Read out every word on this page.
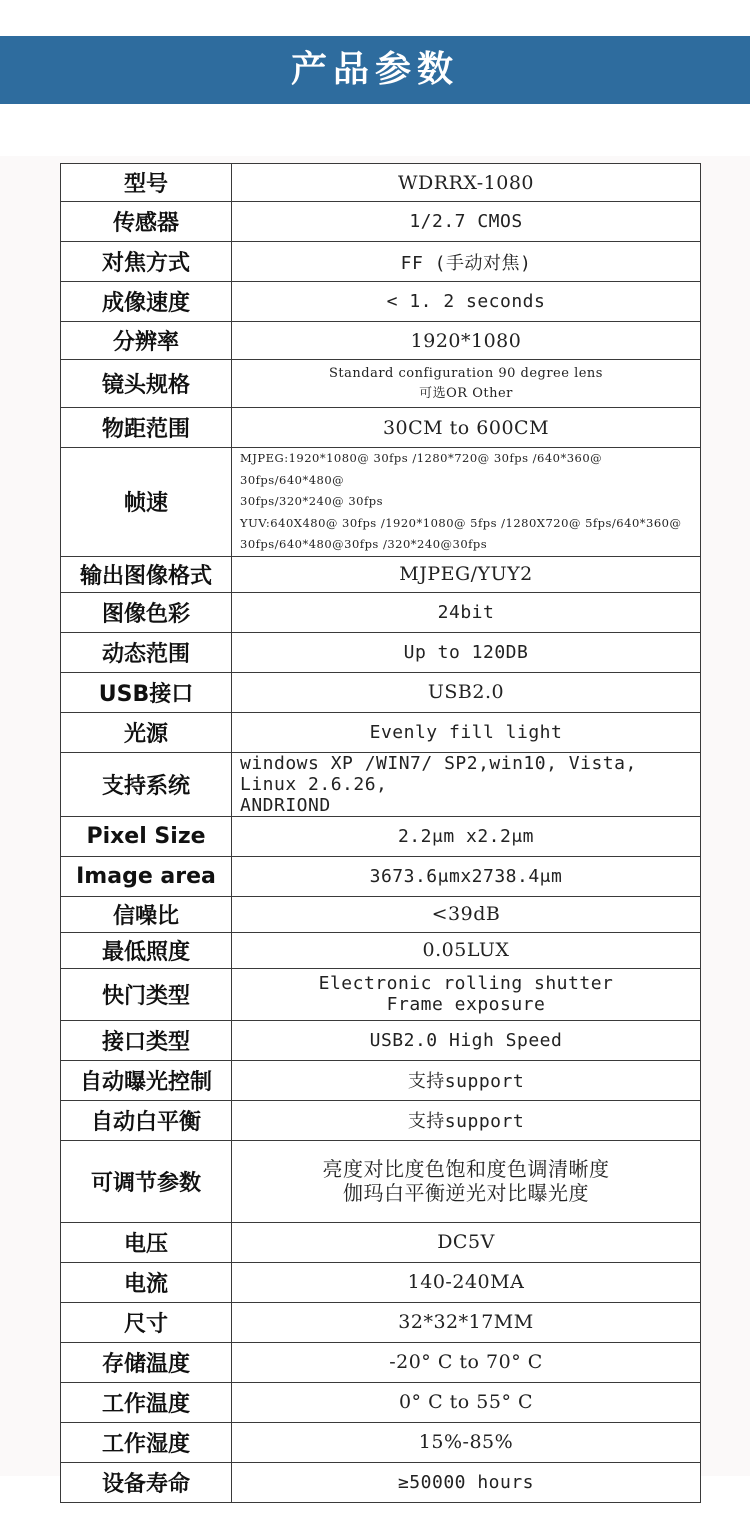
产品参数
型号	WDRRX-1080

传感器	1/2.7 CMOS

对焦方式	FF (手动对焦)

成像速度	< 1. 2 seconds

分辨率	1920*1080

镜头规格	Standard configuration 90 degree lens
可选OR Other

物距范围	30CM to 600CM

帧速	MJPEG:1920*1080@ 30fps /1280*720@ 30fps /640*360@ 30fps/640*480@
30fps/320*240@ 30fps
YUV:640X480@ 30fps /1920*1080@ 5fps /1280X720@ 5fps/640*360@
30fps/640*480@30fps /320*240@30fps

输出图像格式	MJPEG/YUY2

图像色彩	24bit

动态范围	Up to 120DB

USB接口	USB2.0

光源	Evenly fill light

支持系统	windows XP /WIN7/ SP2,win10, Vista, Linux 2.6.26,
ANDRIOND

Pixel Size	2.2μm x2.2μm

Image area	3673.6μmx2738.4μm

信噪比	<39dB

最低照度	0.05LUX

快门类型	Electronic rolling shutter
Frame exposure

接口类型	USB2.0 High Speed

自动曝光控制	支持support

自动白平衡	支持support

可调节参数	亮度对比度色饱和度色调清晰度
伽玛白平衡逆光对比曝光度

电压	DC5V

电流	140-240MA

尺寸	32*32*17MM

存储温度	-20° C to 70° C

工作温度	0° C to 55° C

工作湿度	15%-85%

设备寿命	≥50000 hours
